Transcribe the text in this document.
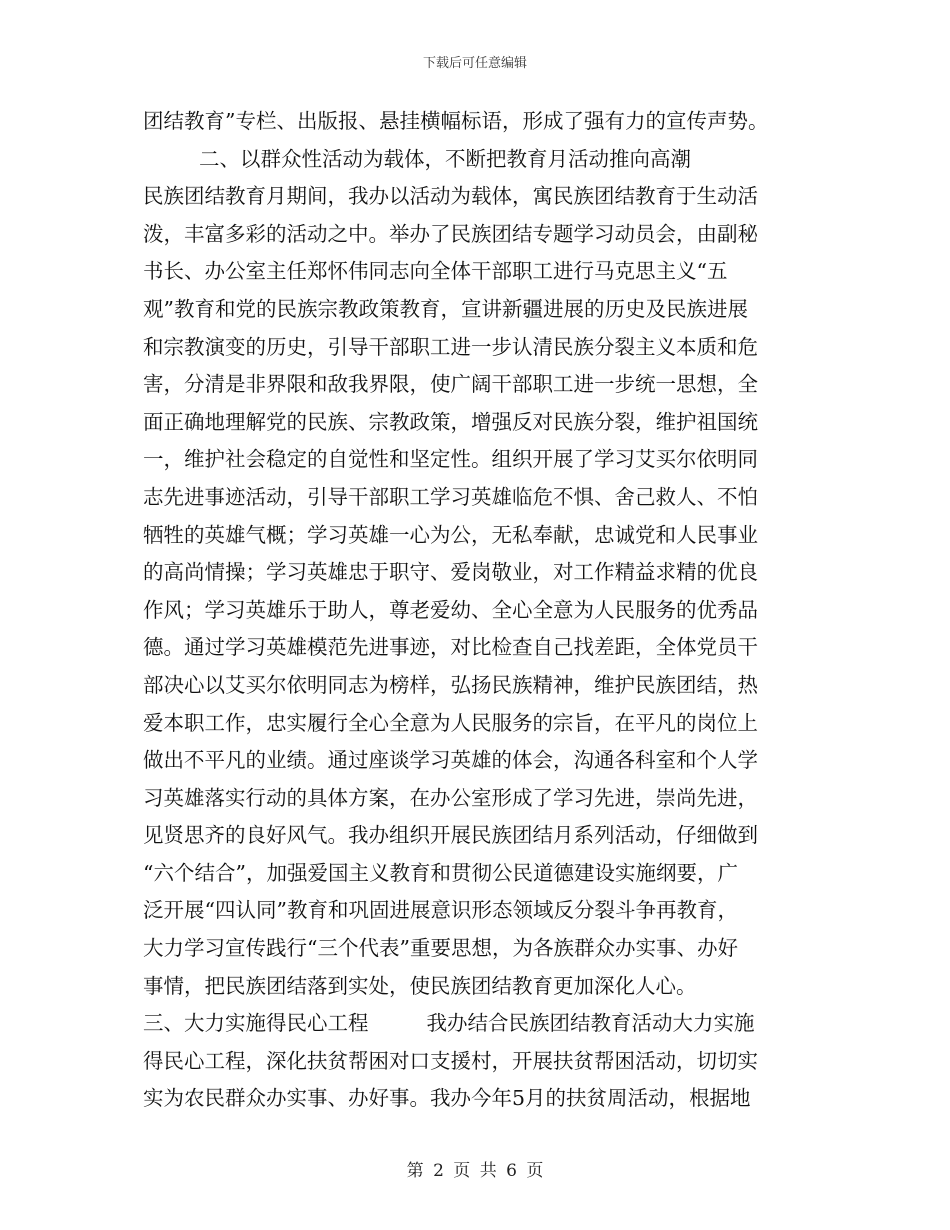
下载后可任意编辑
团结教育”专栏、出版报、悬挂横幅标语，形成了强有力的宣传声势。
二、以群众性活动为载体，不断把教育月活动推向高潮
民族团结教育月期间，我办以活动为载体，寓民族团结教育于生动活
泼，丰富多彩的活动之中。举办了民族团结专题学习动员会，由副秘
书长、办公室主任郑怀伟同志向全体干部职工进行马克思主义“五
观”教育和党的民族宗教政策教育，宣讲新疆进展的历史及民族进展
和宗教演变的历史，引导干部职工进一步认清民族分裂主义本质和危
害，分清是非界限和敌我界限，使广阔干部职工进一步统一思想，全
面正确地理解党的民族、宗教政策，增强反对民族分裂，维护祖国统
一，维护社会稳定的自觉性和坚定性。组织开展了学习艾买尔依明同
志先进事迹活动，引导干部职工学习英雄临危不惧、舍己救人、不怕
牺牲的英雄气概；学习英雄一心为公，无私奉献，忠诚党和人民事业
的高尚情操；学习英雄忠于职守、爱岗敬业，对工作精益求精的优良
作风；学习英雄乐于助人，尊老爱幼、全心全意为人民服务的优秀品
德。通过学习英雄模范先进事迹，对比检查自己找差距，全体党员干
部决心以艾买尔依明同志为榜样，弘扬民族精神，维护民族团结，热
爱本职工作，忠实履行全心全意为人民服务的宗旨，在平凡的岗位上
做出不平凡的业绩。通过座谈学习英雄的体会，沟通各科室和个人学
习英雄落实行动的具体方案，在办公室形成了学习先进，崇尚先进，
见贤思齐的良好风气。我办组织开展民族团结月系列活动，仔细做到
“六个结合”，加强爱国主义教育和贯彻公民道德建设实施纲要，广
泛开展“四认同”教育和巩固进展意识形态领域反分裂斗争再教育，
大力学习宣传践行“三个代表”重要思想，为各族群众办实事、办好
事情，把民族团结落到实处，使民族团结教育更加深化人心。
三、大力实施得民心工程	我办结合民族团结教育活动大力实施
得民心工程，深化扶贫帮困对口支援村，开展扶贫帮困活动，切切实
实为农民群众办实事、办好事。我办今年5月的扶贫周活动，根据地
第 2 页 共 6 页
